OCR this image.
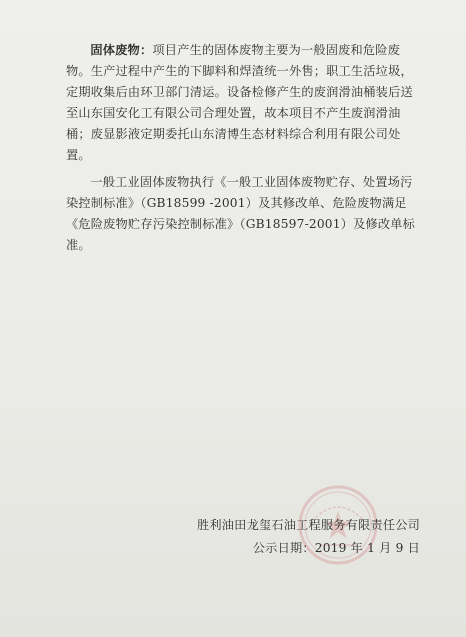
固体废物：项目产生的固体废物主要为一般固废和危险废物。生产过程中产生的下脚料和焊渣统一外售；职工生活垃圾，定期收集后由环卫部门清运。设备检修产生的废润滑油桶装后送至山东国安化工有限公司合理处置，故本项目不产生废润滑油桶；废显影液定期委托山东清博生态材料综合利用有限公司处置。

一般工业固体废物执行《一般工业固体废物贮存、处置场污染控制标准》（GB18599 -2001）及其修改单、危险废物满足《危险废物贮存污染控制标准》（GB18597-2001）及修改单标准。

胜利油田龙玺石油工程服务有限责任公司
公示日期：2019 年 1 月 9 日
